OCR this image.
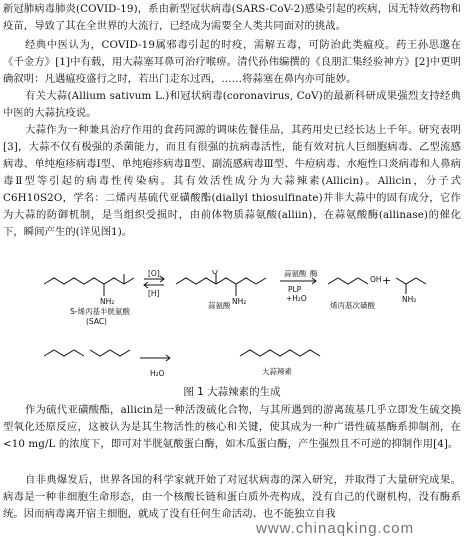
新冠肺病毒肺炎(COVID-19)，系由新型冠状病毒(SARS-CoV-2)感染引起的疾病，因无特效药物和疫苗，导致了其在全世界的大流行，已经成为需要全人类共同面对的挑战。
经典中医认为，COVID-19属邪毒引起的时疫，需解五毒，可防治此类瘟疫。药王孙思邈在《千金方》[1]中有载，用大蒜塞耳鼻可治疗喉痹。清代孙伟编撰的《良朋汇集经验神方》[2]中更明确叙明：凡遇瘟疫盛行之时，若出门走东过西，……将蒜塞在鼻内亦可能妙。
有关大蒜(Allium sativum L.)和冠状病毒(coronavirus, CoV)的最新科研成果强烈支持经典中医的大蒜抗疫说。
大蒜作为一种兼具治疗作用的食药同源的调味佐餐佳品，其药用史已经长达上千年。研究表明[3]，大蒜不仅有极强的杀菌能力，而且有很强的抗病毒活性，能有效对抗人巨细胞病毒、乙型流感病毒、单纯疱疹病毒Ⅰ型、单纯疱疹病毒Ⅱ型、副流感病毒Ⅲ型、牛痘病毒、水疱性口炎病毒和人鼻病毒Ⅱ型等引起的病毒性传染病。其有效活性成分为大蒜辣素(Allicin)。Allicin，分子式C6H10S2O，学名：二烯丙基硫代亚磺酸酯(diallyl thiosulfinate)并非大蒜中的固有成分，它作为大蒜的防御机制，是当组织受损时，由前体物质蒜氨酸(alliin)，在蒜氨酸酶(allinase)的催化下，瞬间产生的(详见图1)。
S-烯丙基半胱氨酸
(SAC)
[O]
[H]
蒜氨酸
蒜氨酸 酶
PLP
+H₂O
烯丙基次磺酸
+
NH₂	NH₂	NH₂
OH
O
H₂O	大蒜辣素
图 1 大蒜辣素的生成
作为硫代亚磺酸酯，allicin是一种活泼硫化合物，与其所遇到的游离巯基几乎立即发生硫交换型氧化还原反应，这被认为是其生物活性的核心和关键，使其成为一种广谱性硫基酶系抑制剂，在<10 mg/L 的浓度下，即可对半胱氨酸蛋白酶，如木瓜蛋白酶，产生强烈且不可逆的抑制作用[4]。
自非典爆发后，世界各国的科学家就开始了对冠状病毒的深入研究，并取得了大量研究成果。病毒是一种非细胞生命形态，由一个核酸长链和蛋白质外壳构成，没有自己的代谢机构，没有酶系统。因而病毒离开宿主细胞，就成了没有任何生命活动、也不能独立自我
www.chinaqking.com
